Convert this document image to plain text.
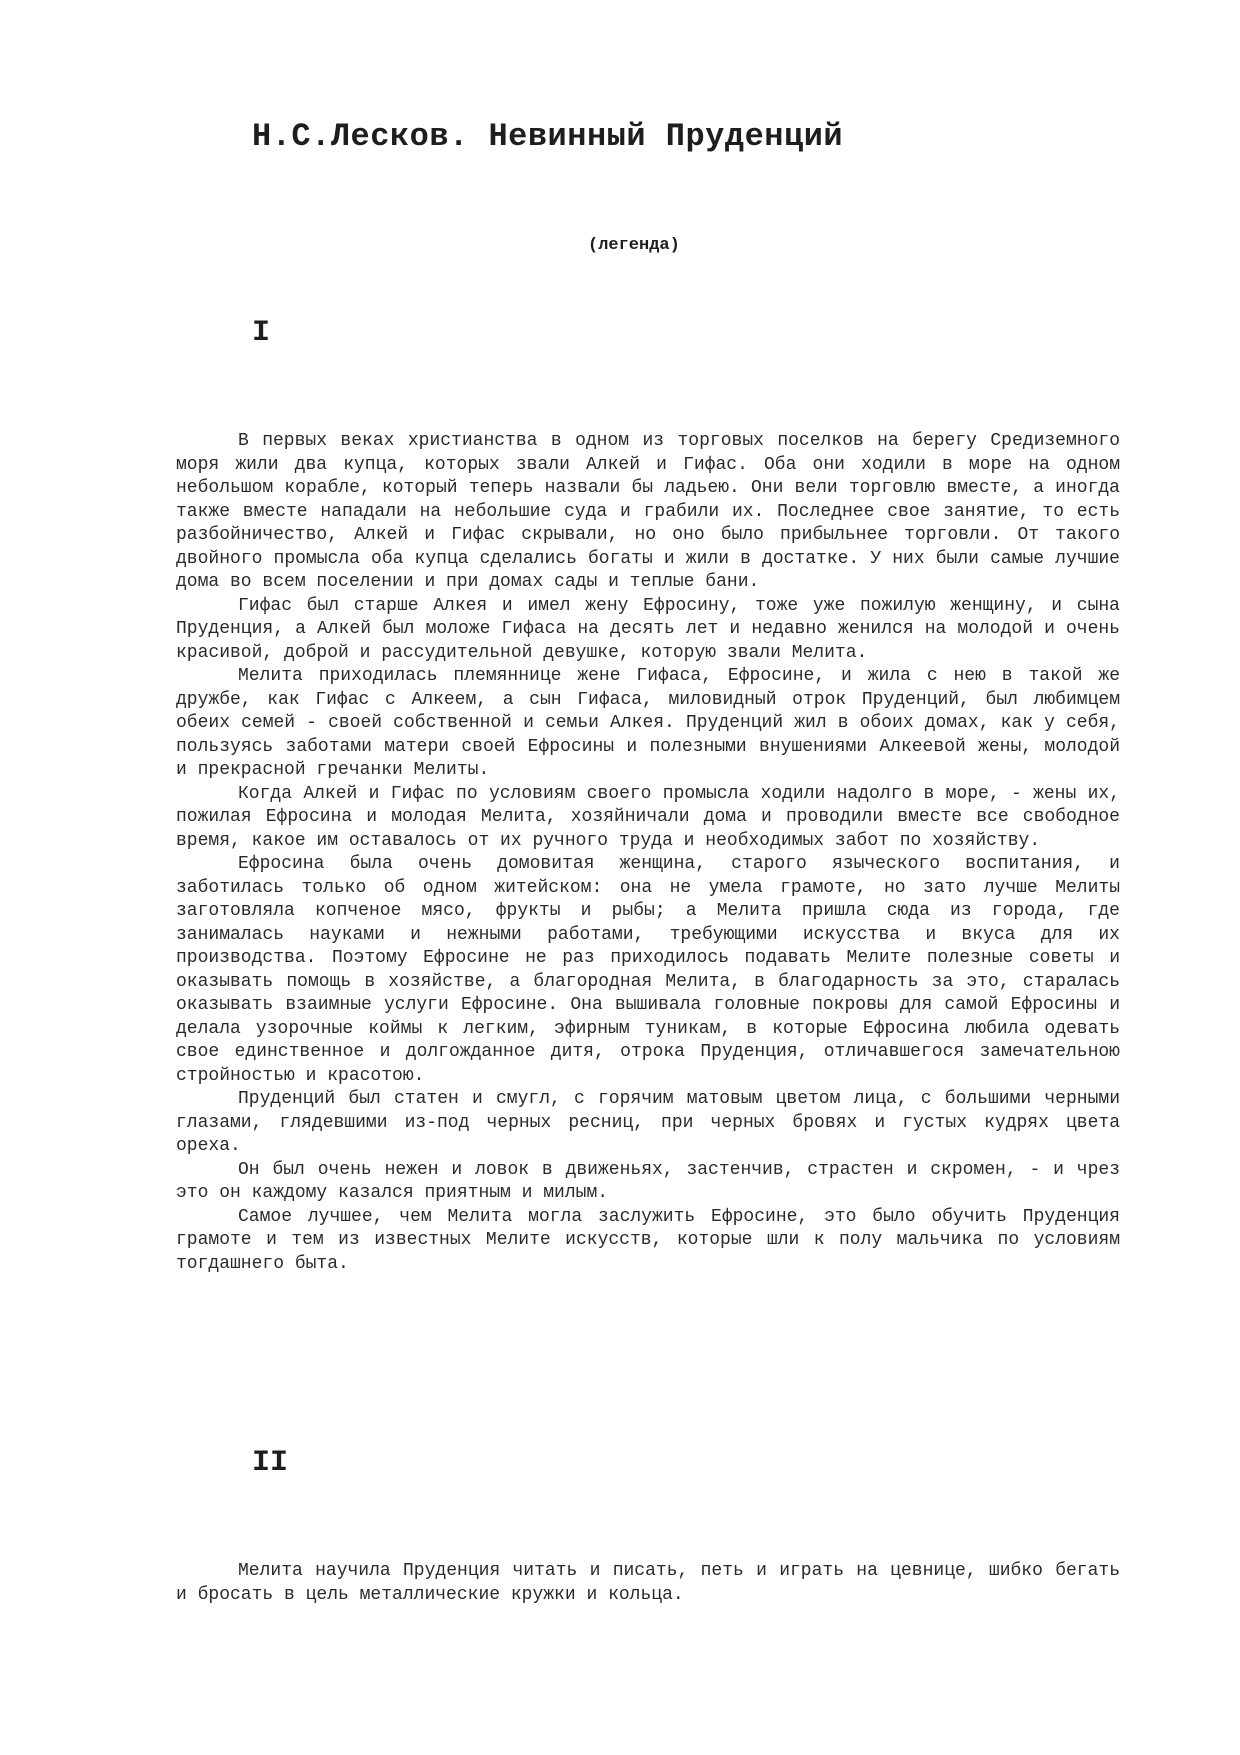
Н.С.Лесков. Невинный Пруденций
(легенда)
I

В первых веках христианства в одном из торговых поселков на берегу Средиземного моря жили два купца, которых звали Алкей и Гифас. Оба они ходили в море на одном небольшом корабле, который теперь назвали бы ладьею. Они вели торговлю вместе, а иногда также вместе нападали на небольшие суда и грабили их. Последнее свое занятие, то есть разбойничество, Алкей и Гифас скрывали, но оно было прибыльнее торговли. От такого двойного промысла оба купца сделались богаты и жили в достатке. У них были самые лучшие дома во всем поселении и при домах сады и теплые бани.

Гифас был старше Алкея и имел жену Ефросину, тоже уже пожилую женщину, и сына Пруденция, а Алкей был моложе Гифаса на десять лет и недавно женился на молодой и очень красивой, доброй и рассудительной девушке, которую звали Мелита.

Мелита приходилась племяннице жене Гифаса, Ефросине, и жила с нею в такой же дружбе, как Гифас с Алкеем, а сын Гифаса, миловидный отрок Пруденций, был любимцем обеих семей - своей собственной и семьи Алкея. Пруденций жил в обоих домах, как у себя, пользуясь заботами матери своей Ефросины и полезными внушениями Алкеевой жены, молодой и прекрасной гречанки Мелиты.

Когда Алкей и Гифас по условиям своего промысла ходили надолго в море, - жены их, пожилая Ефросина и молодая Мелита, хозяйничали дома и проводили вместе все свободное время, какое им оставалось от их ручного труда и необходимых забот по хозяйству.

Ефросина была очень домовитая женщина, старого языческого воспитания, и заботилась только об одном житейском: она не умела грамоте, но зато лучше Мелиты заготовляла копченое мясо, фрукты и рыбы; а Мелита пришла сюда из города, где занималась науками и нежными работами, требующими искусства и вкуса для их производства. Поэтому Ефросине не раз приходилось подавать Мелите полезные советы и оказывать помощь в хозяйстве, а благородная Мелита, в благодарность за это, старалась оказывать взаимные услуги Ефросине. Она вышивала головные покровы для самой Ефросины и делала узорочные коймы к легким, эфирным туникам, в которые Ефросина любила одевать свое единственное и долгожданное дитя, отрока Пруденция, отличавшегося замечательною стройностью и красотою.

Пруденций был статен и смугл, с горячим матовым цветом лица, с большими черными глазами, глядевшими из-под черных ресниц, при черных бровях и густых кудрях цвета ореха.

Он был очень нежен и ловок в движеньях, застенчив, страстен и скромен, - и чрез это он каждому казался приятным и милым.

Самое лучшее, чем Мелита могла заслужить Ефросине, это было обучить Пруденция грамоте и тем из известных Мелите искусств, которые шли к полу мальчика по условиям тогдашнего быта.

II

Мелита научила Пруденция читать и писать, петь и играть на цевнице, шибко бегать и бросать в цель металлические кружки и кольца.
